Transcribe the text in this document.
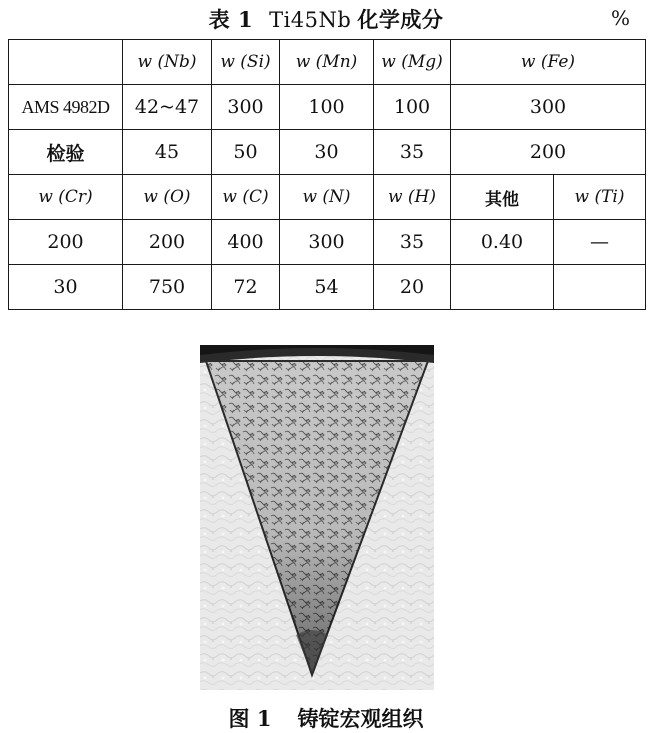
表 1 Ti45Nb 化学成分	%
	w (Nb)	w (Si)	w (Mn)	w (Mg)	w (Fe)	
AMS 4982D	42~47	300	100	100	300	
检验	45	50	30	35	200	
w (Cr)	w (O)	w (C)	w (N)	w (H)	其他	w (Ti)
200	200	400	300	35	0.40	—
30	750	72	54	20		
图 1 铸锭宏观组织
